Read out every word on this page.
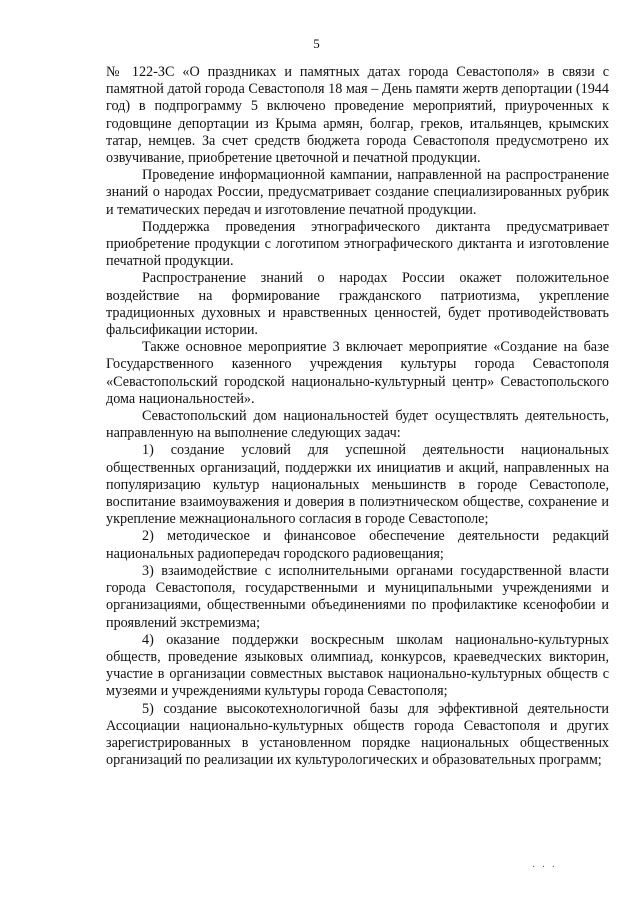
5

№ 122-ЗС «О праздниках и памятных датах города Севастополя» в связи с памятной датой города Севастополя 18 мая – День памяти жертв депортации (1944 год) в подпрограмму 5 включено проведение мероприятий, приуроченных к годовщине депортации из Крыма армян, болгар, греков, итальянцев, крымских татар, немцев. За счет средств бюджета города Севастополя предусмотрено их озвучивание, приобретение цветочной и печатной продукции.

Проведение информационной кампании, направленной на распространение знаний о народах России, предусматривает создание специализированных рубрик и тематических передач и изготовление печатной продукции.

Поддержка проведения этнографического диктанта предусматривает приобретение продукции с логотипом этнографического диктанта и изготовление печатной продукции.

Распространение знаний о народах России окажет положительное воздействие на формирование гражданского патриотизма, укрепление традиционных духовных и нравственных ценностей, будет противодействовать фальсификации истории.

Также основное мероприятие 3 включает мероприятие «Создание на базе Государственного казенного учреждения культуры города Севастополя «Севастопольский городской национально-культурный центр» Севастопольского дома национальностей».

Севастопольский дом национальностей будет осуществлять деятельность, направленную на выполнение следующих задач:

1) создание условий для успешной деятельности национальных общественных организаций, поддержки их инициатив и акций, направленных на популяризацию культур национальных меньшинств в городе Севастополе, воспитание взаимоуважения и доверия в полиэтническом обществе, сохранение и укрепление межнационального согласия в городе Севастополе;

2) методическое и финансовое обеспечение деятельности редакций национальных радиопередач городского радиовещания;

3) взаимодействие с исполнительными органами государственной власти города Севастополя, государственными и муниципальными учреждениями и организациями, общественными объединениями по профилактике ксенофобии и проявлений экстремизма;

4) оказание поддержки воскресным школам национально-культурных обществ, проведение языковых олимпиад, конкурсов, краеведческих викторин, участие в организации совместных выставок национально-культурных обществ с музеями и учреждениями культуры города Севастополя;

5) создание высокотехнологичной базы для эффективной деятельности Ассоциации национально-культурных обществ города Севастополя и других зарегистрированных в установленном порядке национальных общественных организаций по реализации их культурологических и образовательных программ;

· · ·
